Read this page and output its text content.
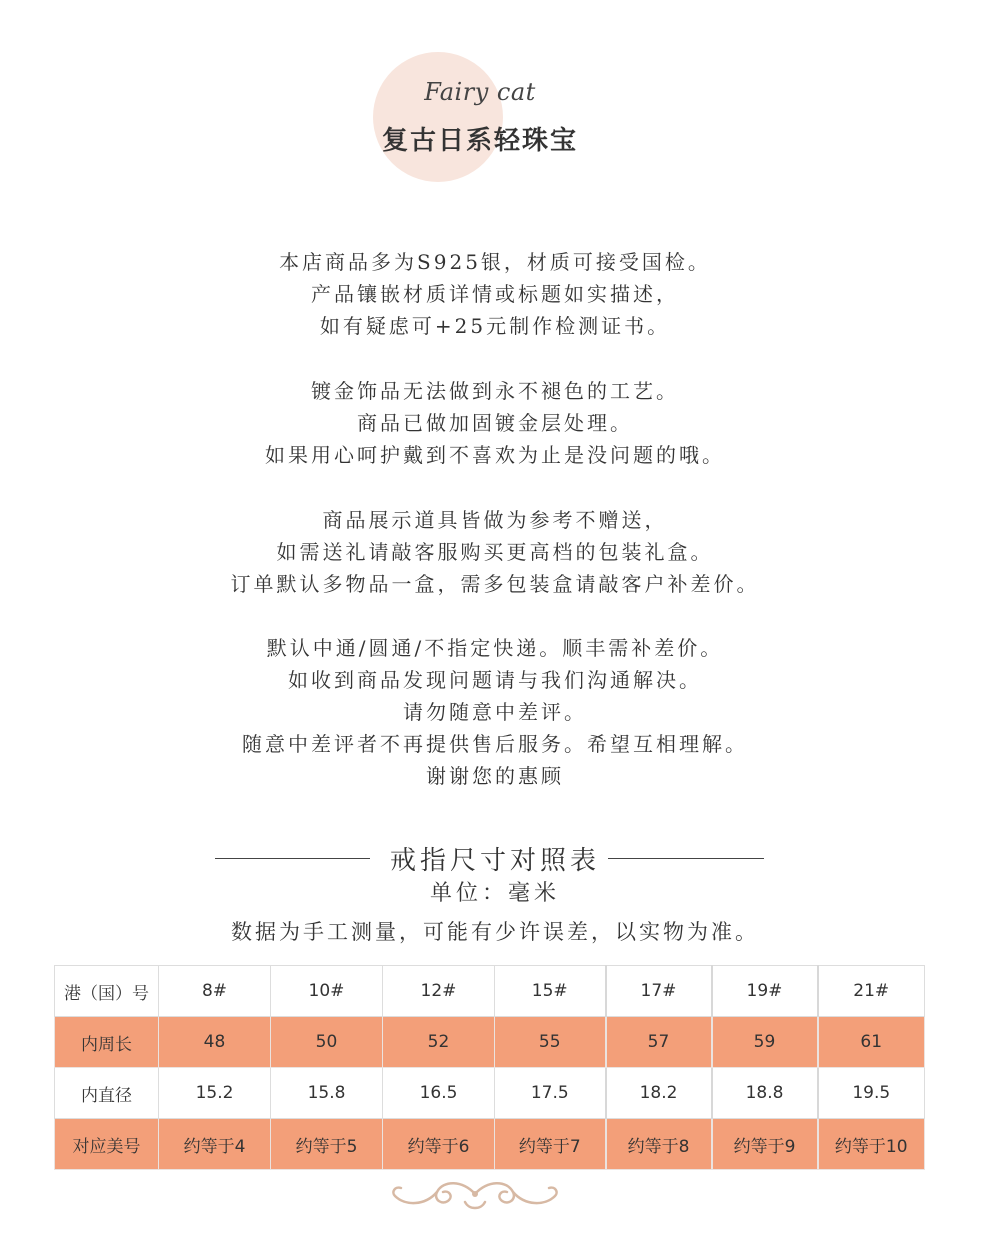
Fairy cat
复古日系轻珠宝
本店商品多为S925银，材质可接受国检。
产品镶嵌材质详情或标题如实描述，
如有疑虑可+25元制作检测证书。
镀金饰品无法做到永不褪色的工艺。
商品已做加固镀金层处理。
如果用心呵护戴到不喜欢为止是没问题的哦。
商品展示道具皆做为参考不赠送，
如需送礼请敲客服购买更高档的包装礼盒。
订单默认多物品一盒，需多包装盒请敲客户补差价。
默认中通/圆通/不指定快递。顺丰需补差价。
如收到商品发现问题请与我们沟通解决。
请勿随意中差评。
随意中差评者不再提供售后服务。希望互相理解。
谢谢您的惠顾
戒指尺寸对照表
单位：毫米
数据为手工测量，可能有少许误差，以实物为准。
港（国）号	8#	10#	12#	15#	17#	19#	21#
内周长	48	50	52	55	57	59	61
内直径	15.2	15.8	16.5	17.5	18.2	18.8	19.5
对应美号	约等于4	约等于5	约等于6	约等于7	约等于8	约等于9	约等于10
